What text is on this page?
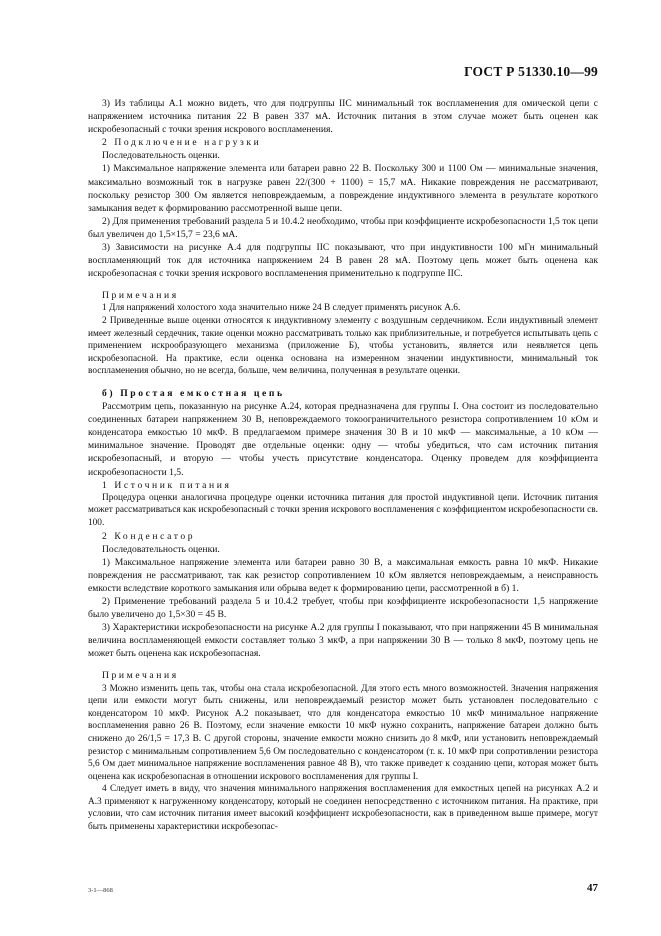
ГОСТ Р 51330.10—99

3) Из таблицы А.1 можно видеть, что для подгруппы IIC минимальный ток воспламенения для омической цепи с напряжением источника питания 22 В равен 337 мА. Источник питания в этом случае может быть оценен как искробезопасный с точки зрения искрового воспламенения.

2 Подключение нагрузки

Последовательность оценки.

1) Максимальное напряжение элемента или батареи равно 22 В. Поскольку 300 и 1100 Ом — минимальные значения, максимально возможный ток в нагрузке равен 22/(300 + 1100) = 15,7 мА. Никакие повреждения не рассматривают, поскольку резистор 300 Ом является неповреждаемым, а повреждение индуктивного элемента в результате короткого замыкания ведет к формированию рассмотренной выше цепи.

2) Для применения требований раздела 5 и 10.4.2 необходимо, чтобы при коэффициенте искробезопасности 1,5 ток цепи был увеличен до 1,5×15,7 = 23,6 мА.

3) Зависимости на рисунке А.4 для подгруппы IIC показывают, что при индуктивности 100 мГн минимальный воспламеняющий ток для источника напряжением 24 В равен 28 мА. Поэтому цепь может быть оценена как искробезопасная с точки зрения искрового воспламенения применительно к подгруппе IIC.

Примечания

1 Для напряжений холостого хода значительно ниже 24 В следует применять рисунок А.6.

2 Приведенные выше оценки относятся к индуктивному элементу с воздушным сердечником. Если индуктивный элемент имеет железный сердечник, такие оценки можно рассматривать только как приблизительные, и потребуется испытывать цепь с применением искрообразующего механизма (приложение Б), чтобы установить, является или неявляется цепь искробезопасной. На практике, если оценка основана на измеренном значении индуктивности, минимальный ток воспламенения обычно, но не всегда, больше, чем величина, полученная в результате оценки.

б) Простая емкостная цепь

Рассмотрим цепь, показанную на рисунке А.24, которая предназначена для группы I. Она состоит из последовательно соединенных батареи напряжением 30 В, неповреждаемого токоограничительного резистора сопротивлением 10 кОм и конденсатора емкостью 10 мкФ. В предлагаемом примере значения 30 В и 10 мкФ — максимальные, а 10 кОм — минимальное значение. Проводят две отдельные оценки: одну — чтобы убедиться, что сам источник питания искробезопасный, и вторую — чтобы учесть присутствие конденсатора. Оценку проведем для коэффициента искробезопасности 1,5.

1 Источник питания

Процедура оценки аналогична процедуре оценки источника питания для простой индуктивной цепи. Источник питания может рассматриваться как искробезопасный с точки зрения искрового воспламенения с коэффициентом искробезопасности св. 100.

2 Конденсатор

Последовательность оценки.

1) Максимальное напряжение элемента или батареи равно 30 В, а максимальная емкость равна 10 мкФ. Никакие повреждения не рассматривают, так как резистор сопротивлением 10 кОм является неповреждаемым, а неисправность емкости вследствие короткого замыкания или обрыва ведет к формированию цепи, рассмотренной в б) 1.

2) Применение требований раздела 5 и 10.4.2 требует, чтобы при коэффициенте искробезопасности 1,5 напряжение было увеличено до 1,5×30 = 45 В.

3) Характеристики искробезопасности на рисунке А.2 для группы I показывают, что при напряжении 45 В минимальная величина воспламеняющей емкости составляет только 3 мкФ, а при напряжении 30 В — только 8 мкФ, поэтому цепь не может быть оценена как искробезопасная.

Примечания

3 Можно изменить цепь так, чтобы она стала искробезопасной. Для этого есть много возможностей. Значения напряжения цепи или емкости могут быть снижены, или неповреждаемый резистор может быть установлен последовательно с конденсатором 10 мкФ. Рисунок А.2 показывает, что для конденсатора емкостью 10 мкФ минимальное напряжение воспламенения равно 26 В. Поэтому, если значение емкости 10 мкФ нужно сохранить, напряжение батареи должно быть снижено до 26/1,5 = 17,3 В. С другой стороны, значение емкости можно снизить до 8 мкФ, или установить неповреждаемый резистор с минимальным сопротивлением 5,6 Ом последовательно с конденсатором (т. к. 10 мкФ при сопротивлении резистора 5,6 Ом дает минимальное напряжение воспламенения равное 48 В), что также приведет к созданию цепи, которая может быть оценена как искробезопасная в отношении искрового воспламенения для группы I.

4 Следует иметь в виду, что значения минимального напряжения воспламенения для емкостных цепей на рисунках А.2 и А.3 применяют к нагруженному конденсатору, который не соединен непосредственно с источником питания. На практике, при условии, что сам источник питания имеет высокий коэффициент искробезопасности, как в приведенном выше примере, могут быть применены характеристики искробезопас-

3-1—868	47
